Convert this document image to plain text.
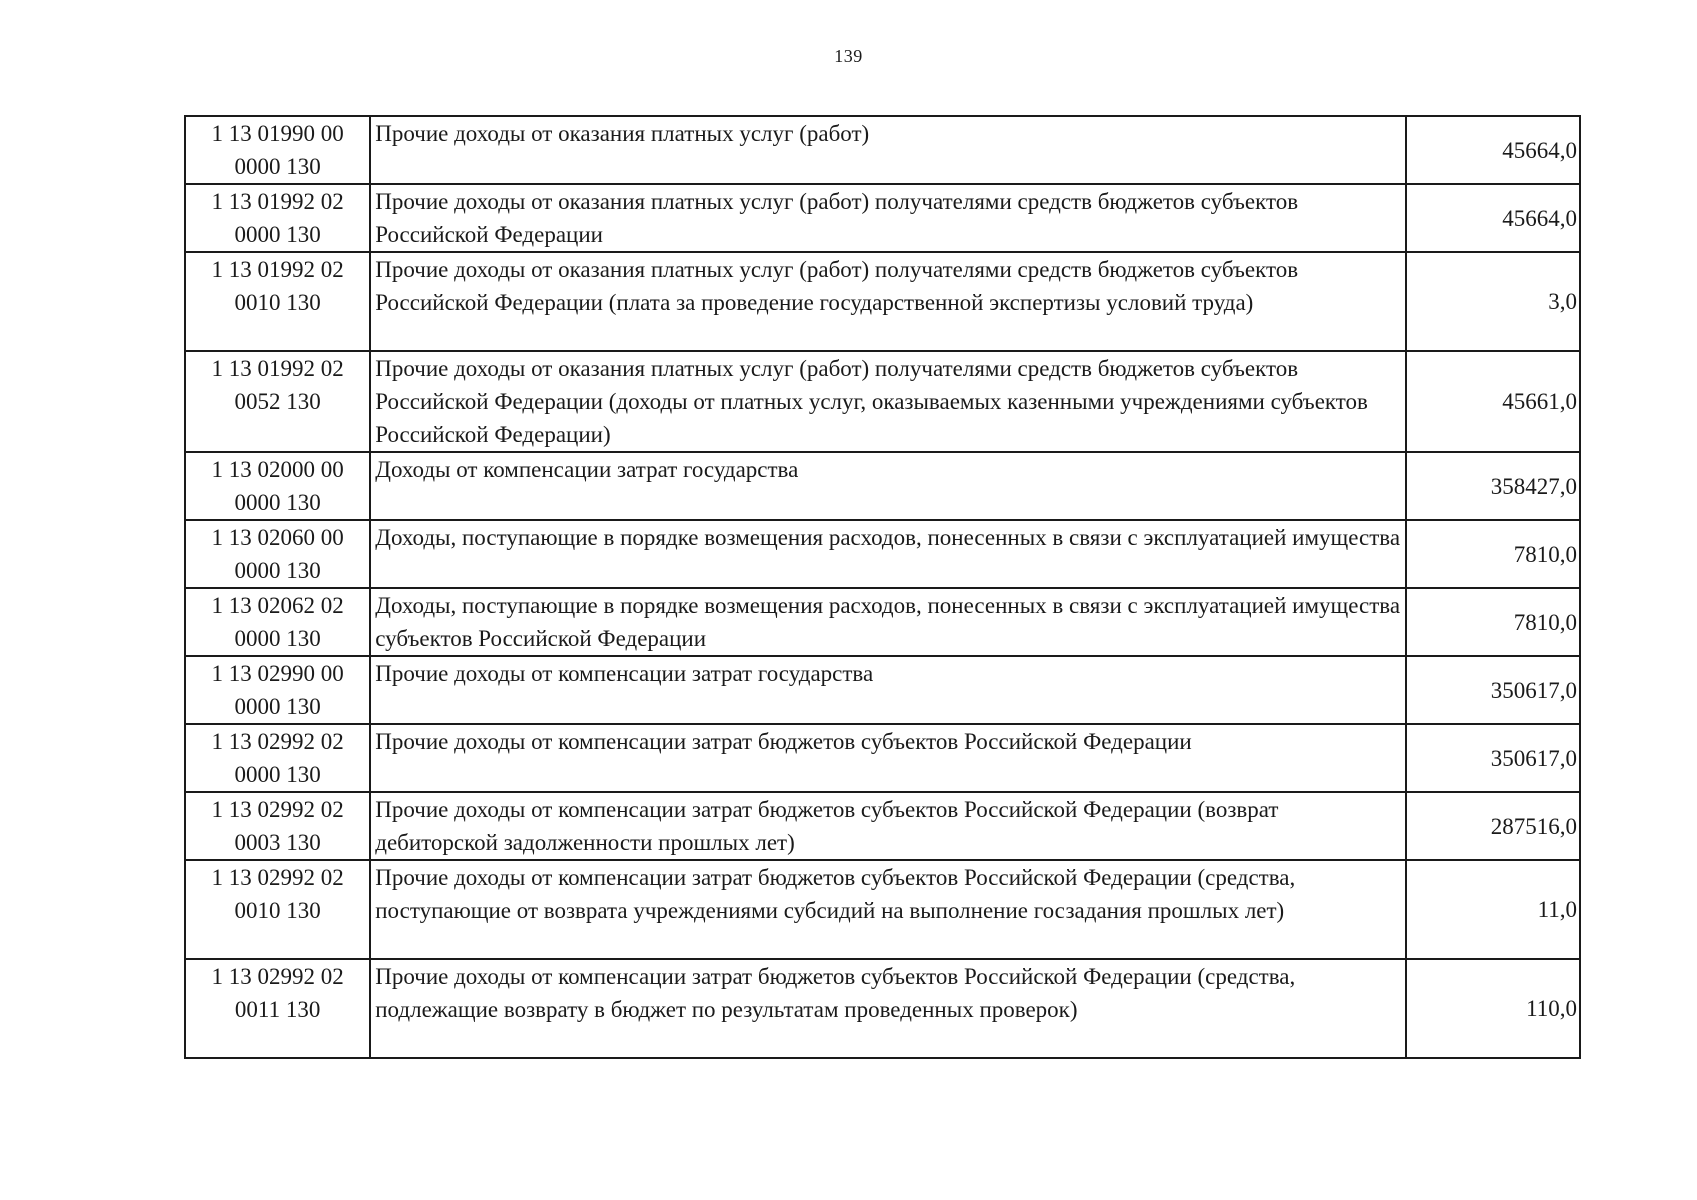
139
1 13 01990 00 0000 130	Прочие доходы от оказания платных услуг (работ)	45664,0
1 13 01992 02 0000 130	Прочие доходы от оказания платных услуг (работ) получателями средств бюджетов субъектов Российской Федерации	45664,0
1 13 01992 02 0010 130	Прочие доходы от оказания платных услуг (работ) получателями средств бюджетов субъектов Российской Федерации (плата за проведение государственной экспертизы условий труда)	3,0
1 13 01992 02 0052 130	Прочие доходы от оказания платных услуг (работ) получателями средств бюджетов субъектов Российской Федерации (доходы от платных услуг, оказываемых казенными учреждениями субъектов Российской Федерации)	45661,0
1 13 02000 00 0000 130	Доходы от компенсации затрат государства	358427,0
1 13 02060 00 0000 130	Доходы, поступающие в порядке возмещения расходов, понесенных в связи с эксплуатацией имущества	7810,0
1 13 02062 02 0000 130	Доходы, поступающие в порядке возмещения расходов, понесенных в связи с эксплуатацией имущества субъектов Российской Федерации	7810,0
1 13 02990 00 0000 130	Прочие доходы от компенсации затрат государства	350617,0
1 13 02992 02 0000 130	Прочие доходы от компенсации затрат бюджетов субъектов Российской Федерации	350617,0
1 13 02992 02 0003 130	Прочие доходы от компенсации затрат бюджетов субъектов Российской Федерации (возврат дебиторской задолженности прошлых лет)	287516,0
1 13 02992 02 0010 130	Прочие доходы от компенсации затрат бюджетов субъектов Российской Федерации (средства, поступающие от возврата учреждениями субсидий на выполнение госзадания прошлых лет)	11,0
1 13 02992 02 0011 130	Прочие доходы от компенсации затрат бюджетов субъектов Российской Федерации (средства, подлежащие возврату в бюджет по результатам проведенных проверок)	110,0
